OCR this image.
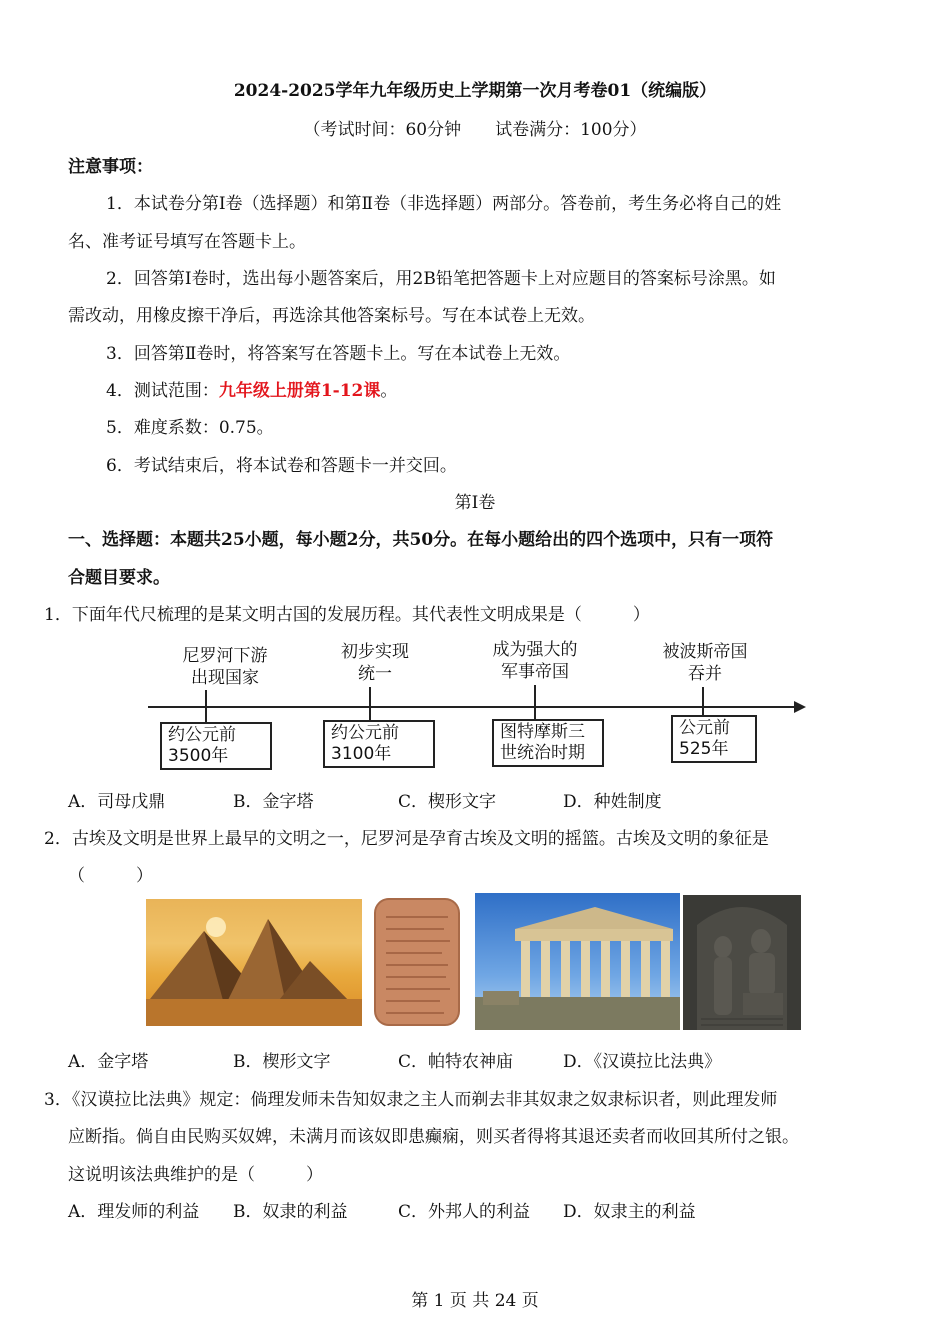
2024-2025学年九年级历史上学期第一次月考卷01（统编版）
（考试时间：60分钟　　试卷满分：100分）
注意事项：
1．本试卷分第Ⅰ卷（选择题）和第Ⅱ卷（非选择题）两部分。答卷前，考生务必将自己的姓
名、准考证号填写在答题卡上。
2．回答第Ⅰ卷时，选出每小题答案后，用2B铅笔把答题卡上对应题目的答案标号涂黑。如
需改动，用橡皮擦干净后，再选涂其他答案标号。写在本试卷上无效。
3．回答第Ⅱ卷时，将答案写在答题卡上。写在本试卷上无效。
4．测试范围：九年级上册第1-12课。
5．难度系数：0.75。
6．考试结束后，将本试卷和答题卡一并交回。
第Ⅰ卷
一、选择题：本题共25小题，每小题2分，共50分。在每小题给出的四个选项中，只有一项符
合题目要求。
1．下面年代尺梳理的是某文明古国的发展历程。其代表性文明成果是（　　　）
尼罗河下游
出现国家
约公元前
3500年
初步实现
统一
约公元前
3100年
成为强大的
军事帝国
图特摩斯三
世统治时期
被波斯帝国
吞并
公元前
525年
A．司母戊鼎	B．金字塔	C．楔形文字	D．种姓制度
2．古埃及文明是世界上最早的文明之一，尼罗河是孕育古埃及文明的摇篮。古埃及文明的象征是
（　　　）
A．金字塔	B．楔形文字	C．帕特农神庙	D．《汉谟拉比法典》
3．《汉谟拉比法典》规定：倘理发师未告知奴隶之主人而剃去非其奴隶之奴隶标识者，则此理发师
应断指。倘自由民购买奴婢，未满月而该奴即患癫痫，则买者得将其退还卖者而收回其所付之银。
这说明该法典维护的是（　　　）
A．理发师的利益 B．奴隶的利益	C．外邦人的利益 D．奴隶主的利益
第 1 页 共 24 页
